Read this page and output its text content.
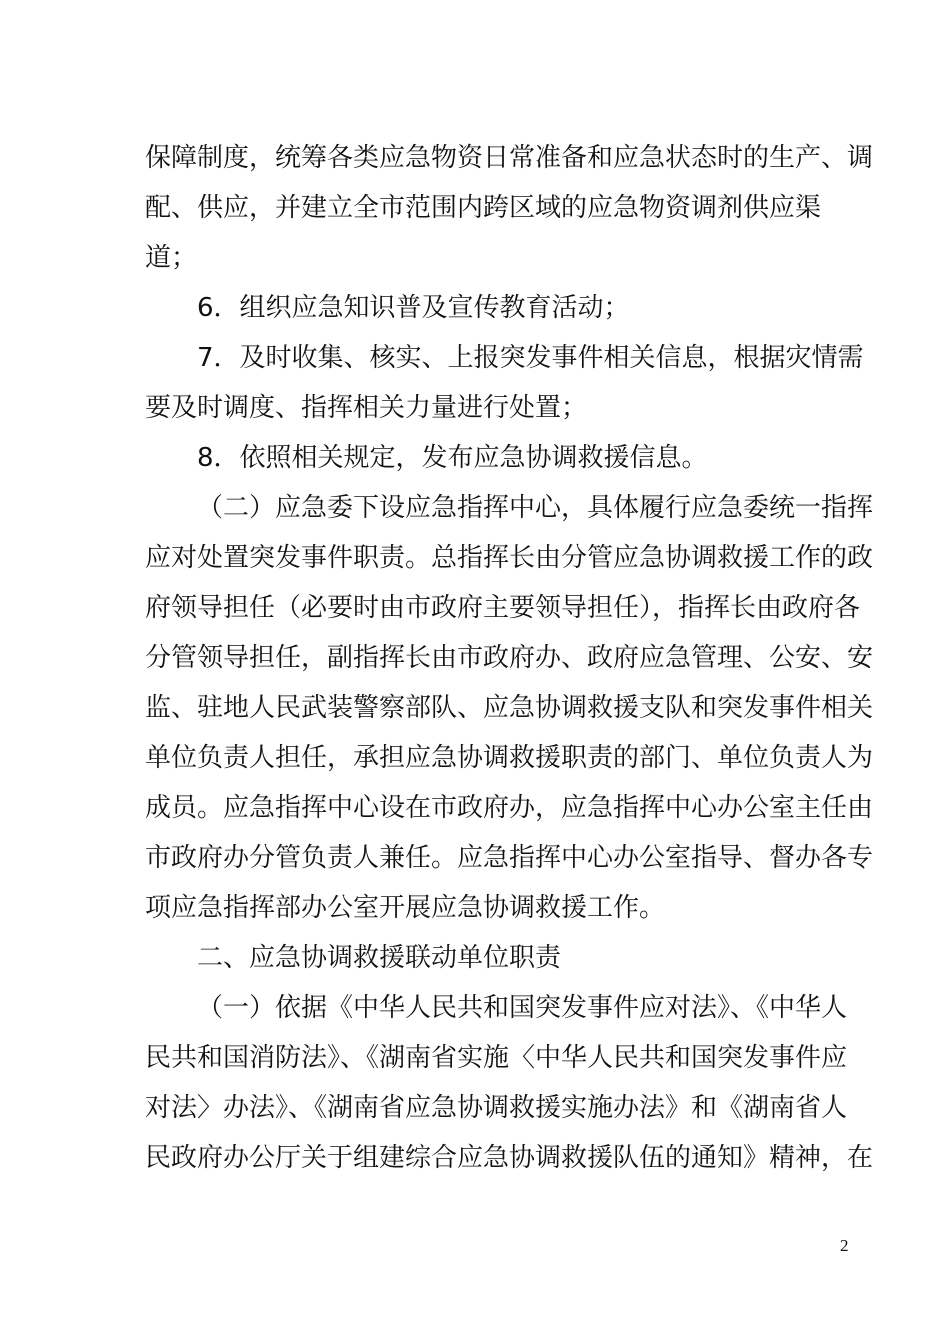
保障制度，统筹各类应急物资日常准备和应急状态时的生产、调
配、供应，并建立全市范围内跨区域的应急物资调剂供应渠
道；
6．组织应急知识普及宣传教育活动；
7．及时收集、核实、上报突发事件相关信息，根据灾情需
要及时调度、指挥相关力量进行处置；
8．依照相关规定，发布应急协调救援信息。
（二）应急委下设应急指挥中心，具体履行应急委统一指挥
应对处置突发事件职责。总指挥长由分管应急协调救援工作的政
府领导担任（必要时由市政府主要领导担任），指挥长由政府各
分管领导担任，副指挥长由市政府办、政府应急管理、公安、安
监、驻地人民武装警察部队、应急协调救援支队和突发事件相关
单位负责人担任，承担应急协调救援职责的部门、单位负责人为
成员。应急指挥中心设在市政府办，应急指挥中心办公室主任由
市政府办分管负责人兼任。应急指挥中心办公室指导、督办各专
项应急指挥部办公室开展应急协调救援工作。
二、应急协调救援联动单位职责
（一）依据《中华人民共和国突发事件应对法》、《中华人
民共和国消防法》、《湖南省实施〈中华人民共和国突发事件应
对法〉办法》、《湖南省应急协调救援实施办法》和《湖南省人
民政府办公厅关于组建综合应急协调救援队伍的通知》精神，在
2
